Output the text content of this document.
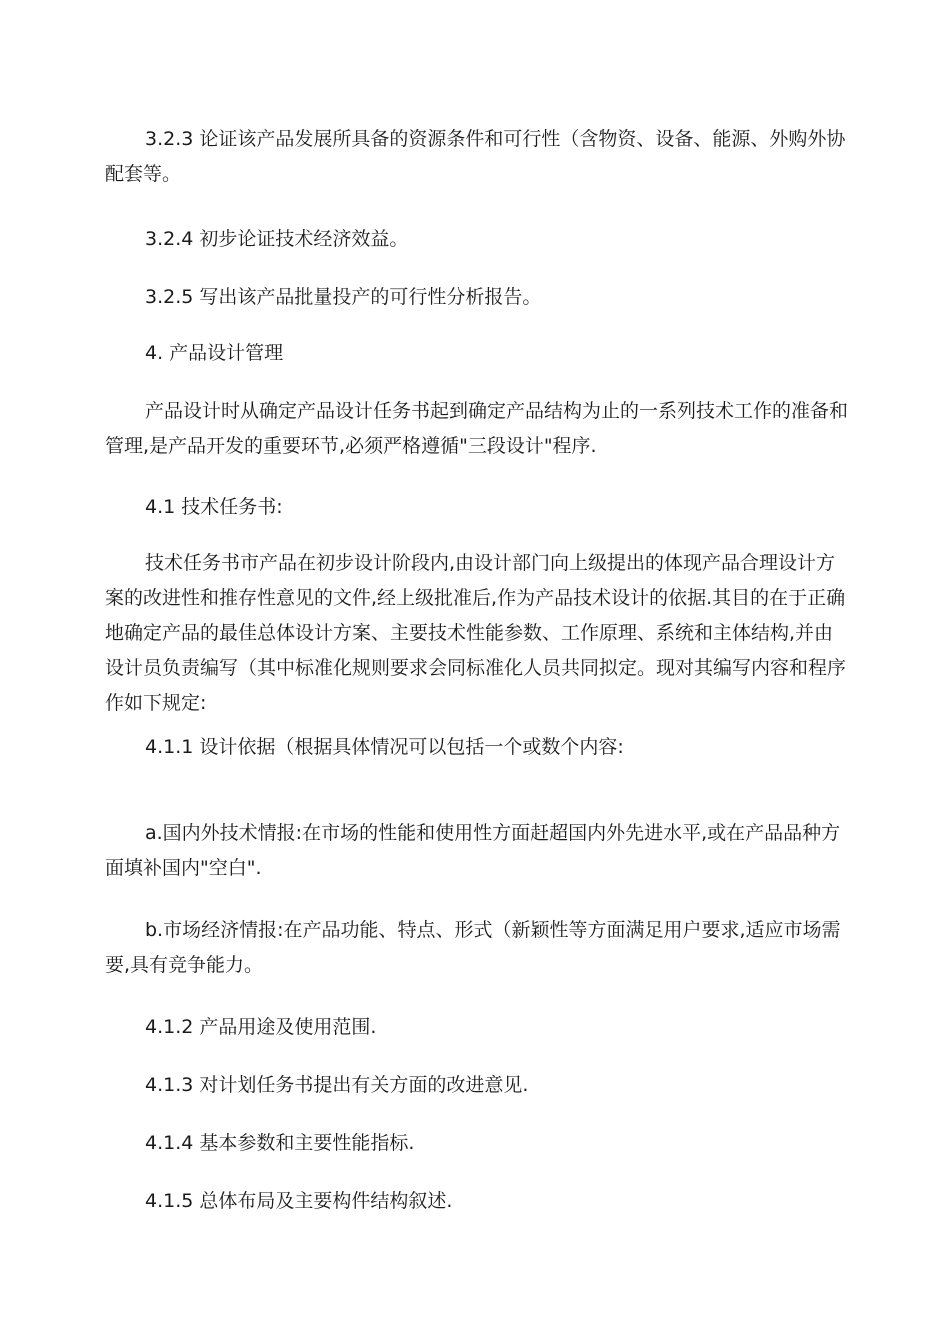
3.2.3 论证该产品发展所具备的资源条件和可行性（含物资、设备、能源、外购外协配套等。

3.2.4 初步论证技术经济效益。

3.2.5 写出该产品批量投产的可行性分析报告。

4. 产品设计管理

产品设计时从确定产品设计任务书起到确定产品结构为止的一系列技术工作的准备和管理,是产品开发的重要环节,必须严格遵循"三段设计"程序.

4.1 技术任务书:

技术任务书市产品在初步设计阶段内,由设计部门向上级提出的体现产品合理设计方案的改进性和推存性意见的文件,经上级批准后,作为产品技术设计的依据.其目的在于正确地确定产品的最佳总体设计方案、主要技术性能参数、工作原理、系统和主体结构,并由设计员负责编写（其中标准化规则要求会同标准化人员共同拟定。现对其编写内容和程序作如下规定:

4.1.1 设计依据（根据具体情况可以包括一个或数个内容:

a.国内外技术情报:在市场的性能和使用性方面赶超国内外先进水平,或在产品品种方面填补国内"空白".

b.市场经济情报:在产品功能、特点、形式（新颖性等方面满足用户要求,适应市场需要,具有竞争能力。

4.1.2 产品用途及使用范围.

4.1.3 对计划任务书提出有关方面的改进意见.

4.1.4 基本参数和主要性能指标.

4.1.5 总体布局及主要构件结构叙述.
